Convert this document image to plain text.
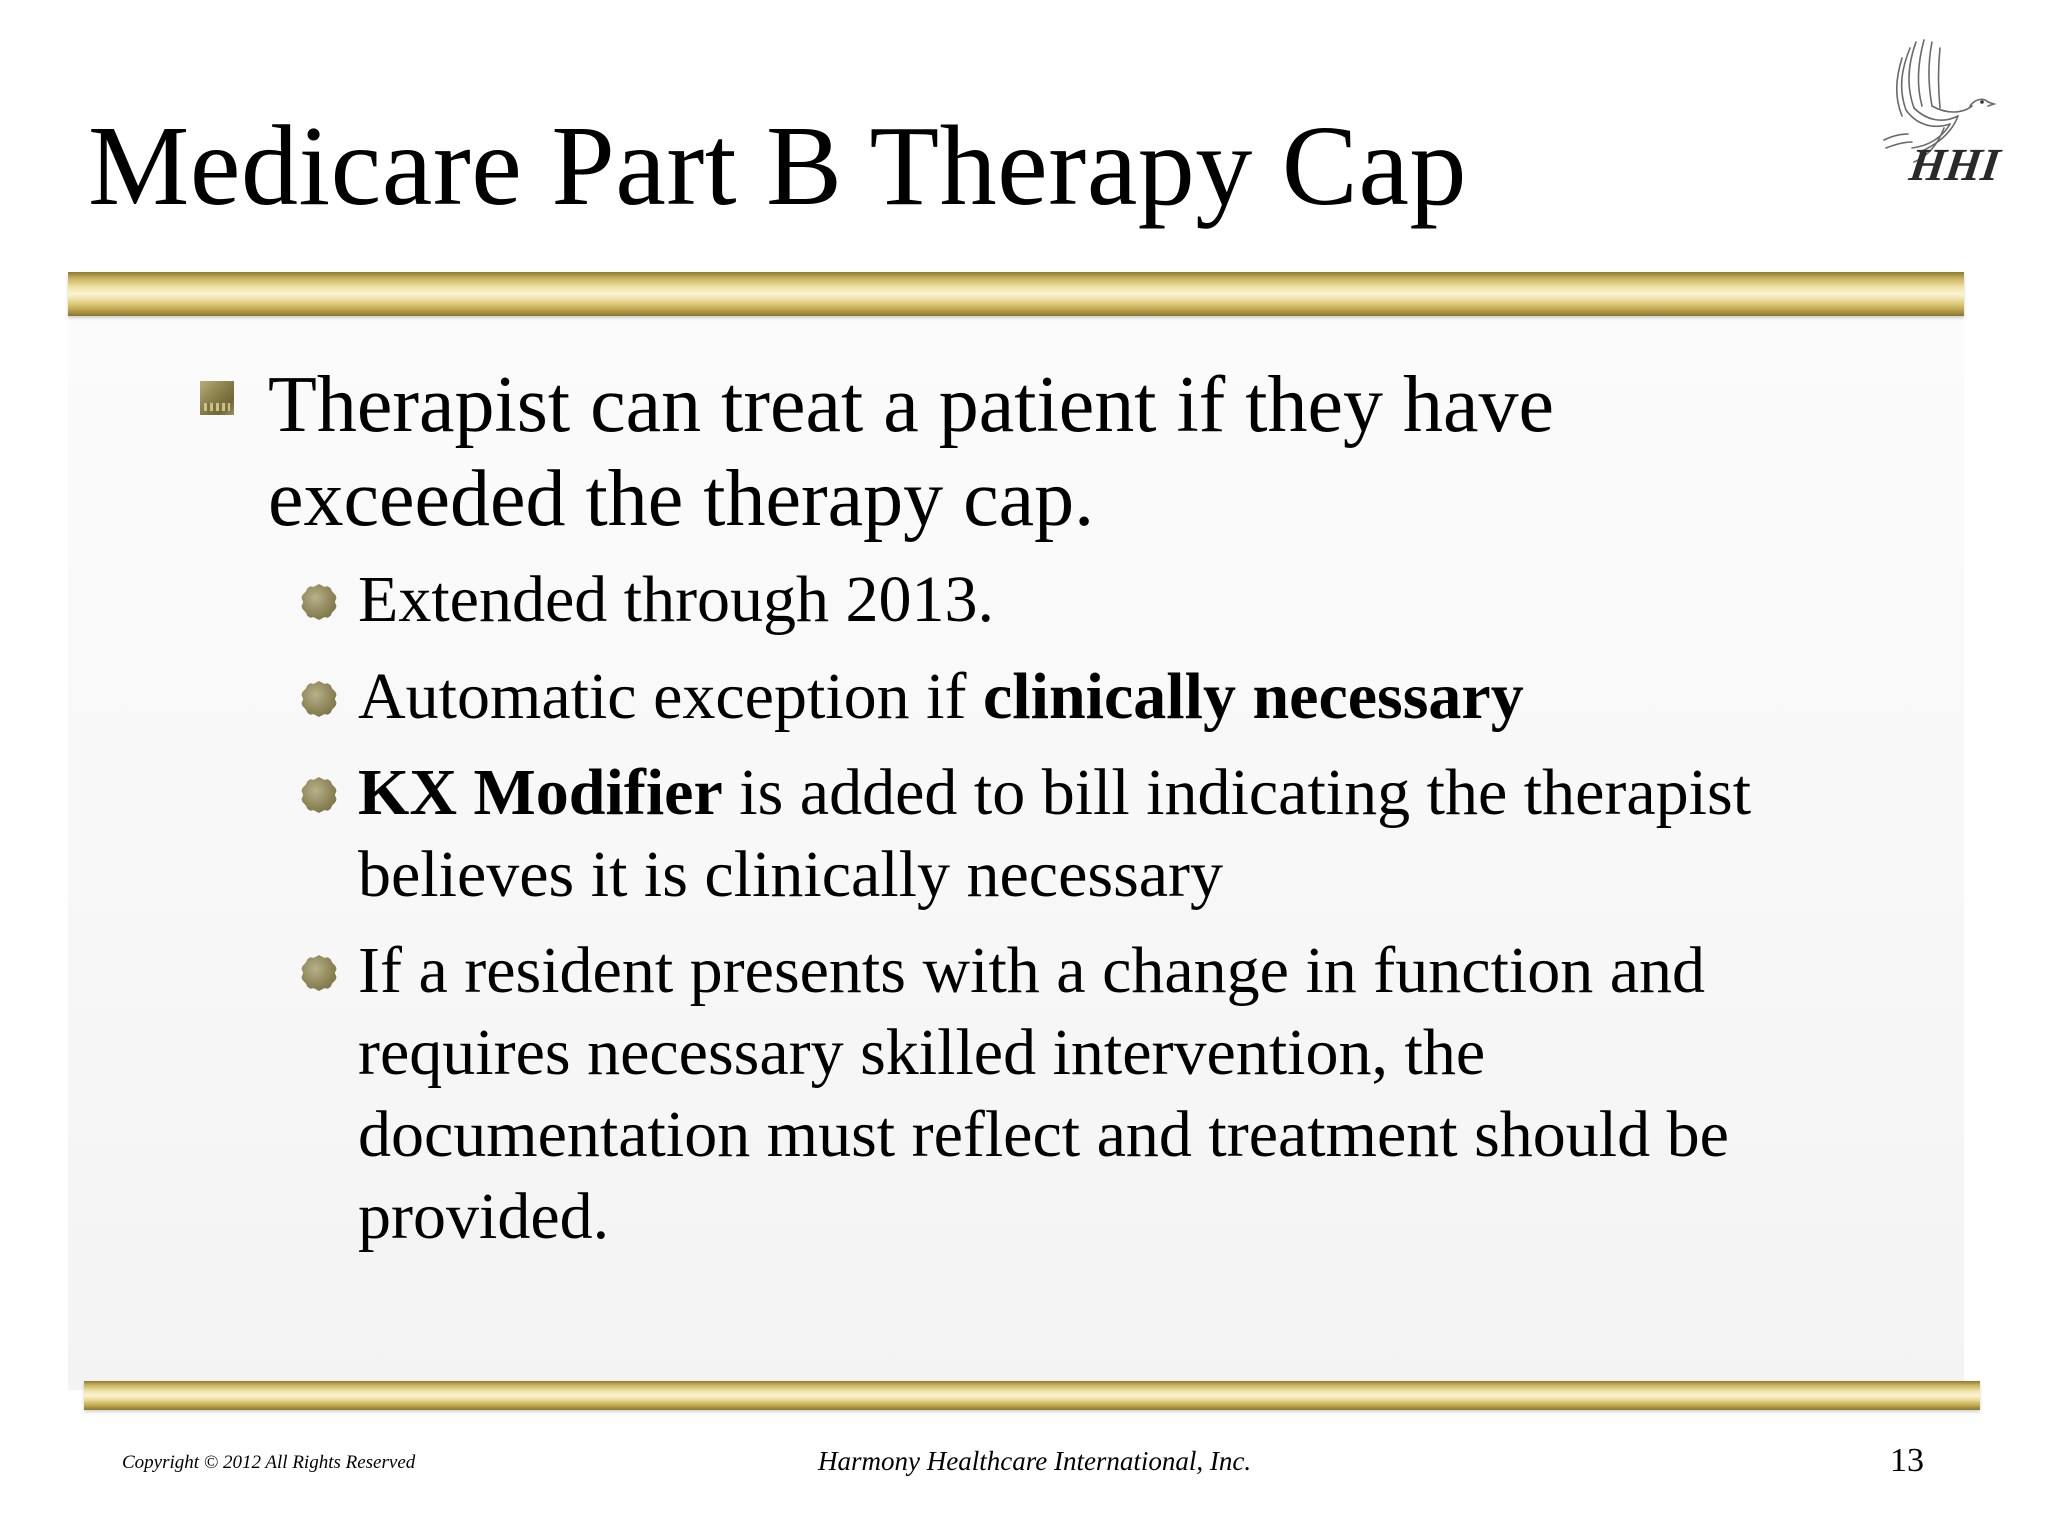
Medicare Part B Therapy Cap	HHI
Therapist can treat a patient if they have exceeded the therapy cap.
Extended through 2013.
Automatic exception if clinically necessary
KX Modifier is added to bill indicating the therapist believes it is clinically necessary
If a resident presents with a change in function and requires necessary skilled intervention, the documentation must reflect and treatment should be provided.
Copyright © 2012 All Rights Reserved	Harmony Healthcare International, Inc.	13
